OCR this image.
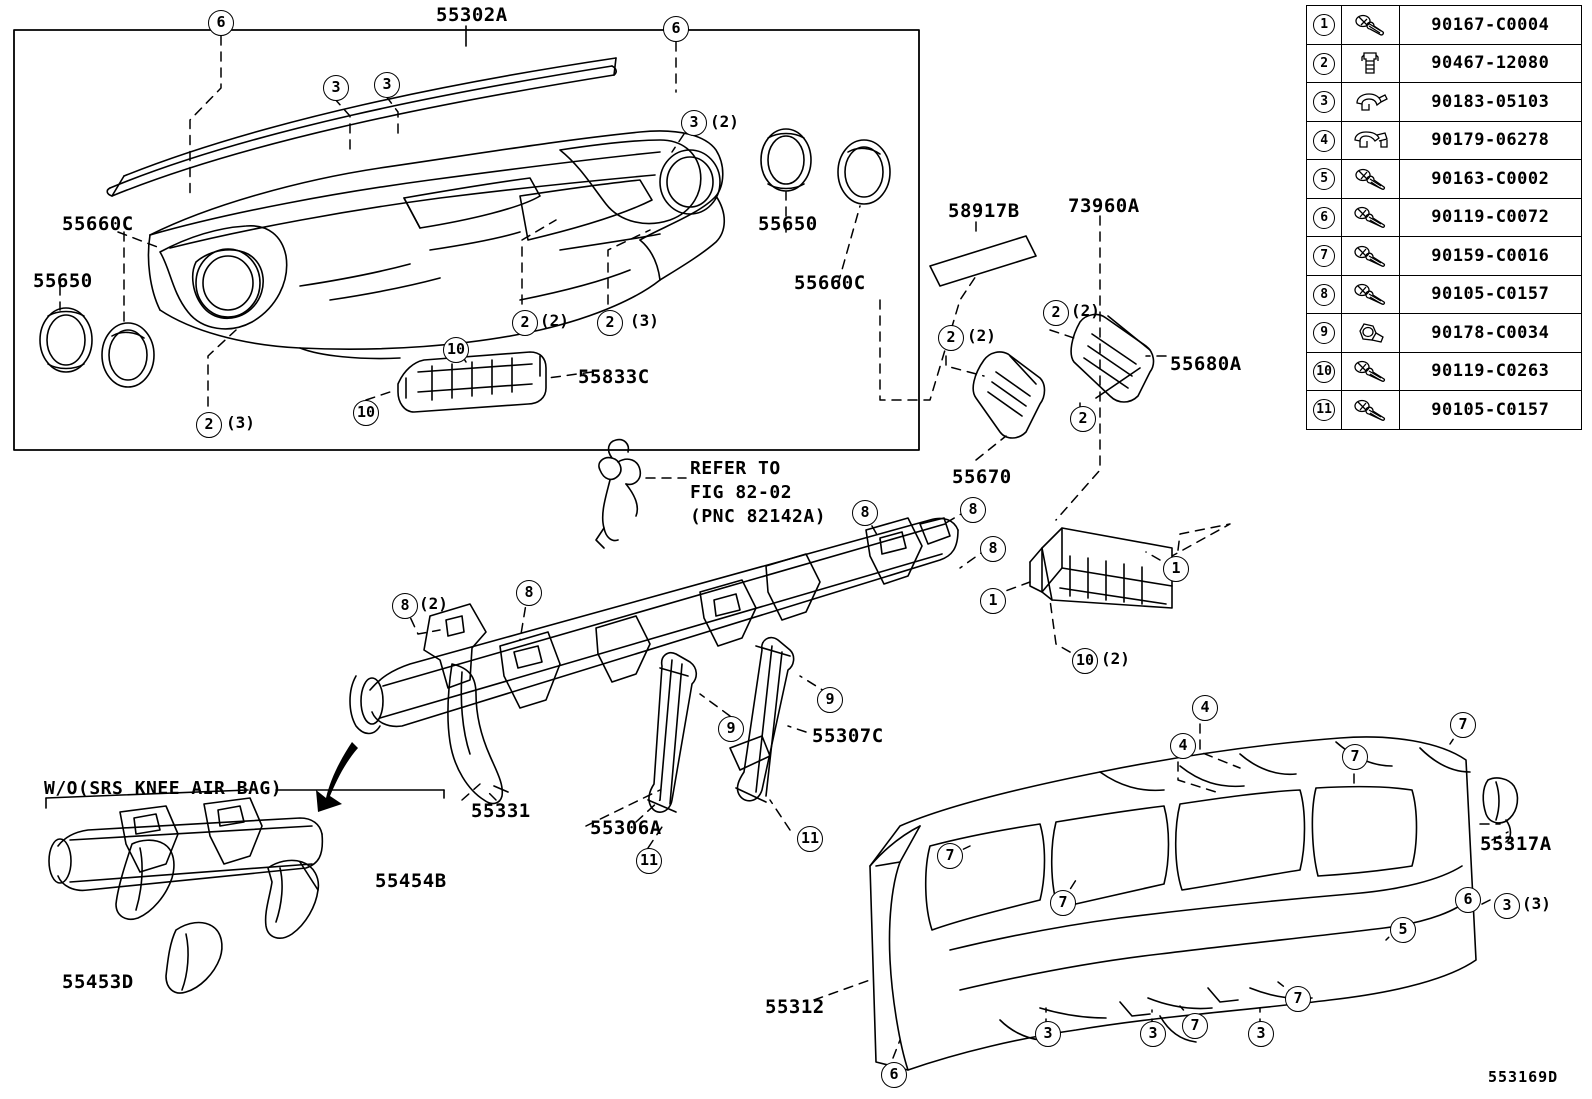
55302A
55660C
55650
55650
55660C
58917B
55833C
55680A
55670
73960A
55307C
55331
55306A
55454B
55453D
55312
55317A
REFER TO
FIG 82-02
(PNC 82142A)
W/O(SRS KNEE AIR BAG)
553169D
6	6
3	3
3
2	2
2
10
10
2
2
2
8	8
8
8
8
1
1
10
9
9
11
11
4
4
7
7
7
7	6	3
5
7
7
3	3	3
6
(2)
(2)	(3)
(3)
(2)
(2)
(2)
(2)
(3)
1		90167-C0004
2		90467-12080
3		90183-05103
4		90179-06278
5		90163-C0002
6		90119-C0072
7		90159-C0016
8		90105-C0157
9		90178-C0034
10		90119-C0263
11		90105-C0157
